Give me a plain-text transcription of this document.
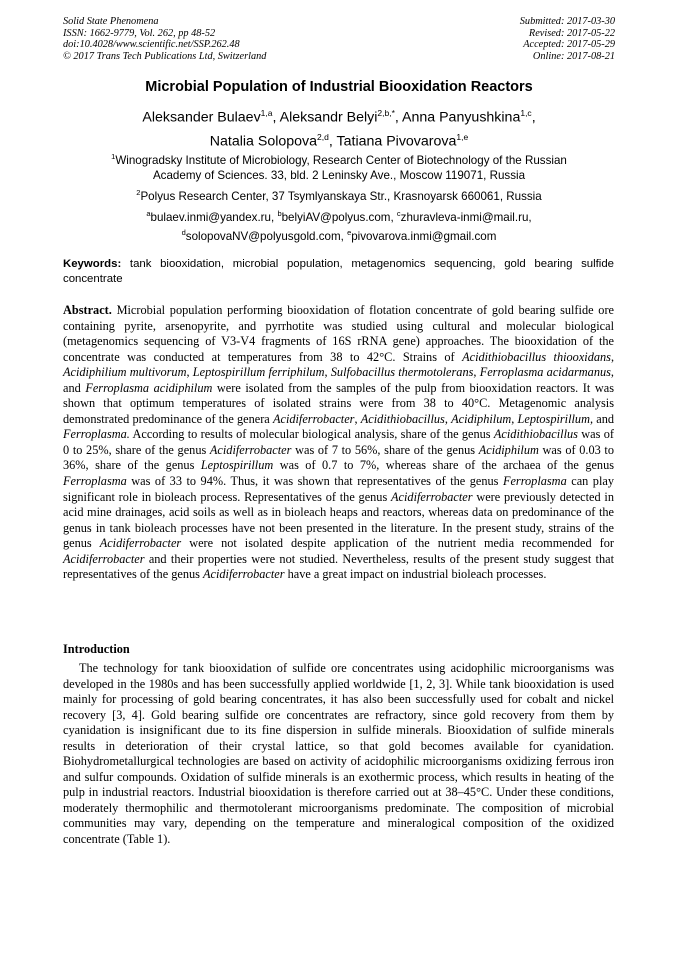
Solid State Phenomena
ISSN: 1662-9779, Vol. 262, pp 48-52
doi:10.4028/www.scientific.net/SSP.262.48
© 2017 Trans Tech Publications Ltd, Switzerland
Submitted: 2017-03-30
Revised: 2017-05-22
Accepted: 2017-05-29
Online: 2017-08-21
Microbial Population of Industrial Biooxidation Reactors
Aleksander Bulaev$^{1,a}$, Aleksandr Belyi$^{2,b,*}$, Anna Panyushkina$^{1,c}$,
Natalia Solopova$^{2,d}$, Tatiana Pivovarova$^{1,e}$
$^1$Winogradsky Institute of Microbiology, Research Center of Biotechnology of the Russian
Academy of Sciences. 33, bld. 2 Leninsky Ave., Moscow 119071, Russia
$^2$Polyus Research Center, 37 Tsymlyanskaya Str., Krasnoyarsk 660061, Russia
$^a$bulaev.inmi@yandex.ru, $^b$belyiAV@polyus.com, $^c$zhuravleva-inmi@mail.ru,
$^d$solopovaNV@polyusgold.com, $^e$pivovarova.inmi@gmail.com
Keywords: tank biooxidation, microbial population, metagenomics sequencing, gold bearing sulfide concentrate
Abstract. Microbial population performing biooxidation of flotation concentrate of gold bearing sulfide ore containing pyrite, arsenopyrite, and pyrrhotite was studied using cultural and molecular biological (metagenomics sequencing of V3-V4 fragments of 16S rRNA gene) approaches. The biooxidation of the concentrate was conducted at temperatures from 38 to 42°C. Strains of Acidithiobacillus thiooxidans, Acidiphilium multivorum, Leptospirillum ferriphilum, Sulfobacillus thermotolerans, Ferroplasma acidarmanus, and Ferroplasma acidiphilum were isolated from the samples of the pulp from biooxidation reactors. It was shown that optimum temperatures of isolated strains were from 38 to 40°C. Metagenomic analysis demonstrated predominance of the genera Acidiferrobacter, Acidithiobacillus, Acidiphilum, Leptospirillum, and Ferroplasma. According to results of molecular biological analysis, share of the genus Acidithiobacillus was of 0 to 25%, share of the genus Acidiferrobacter was of 7 to 56%, share of the genus Acidiphilum was of 0.03 to 36%, share of the genus Leptospirillum was of 0.7 to 7%, whereas share of the archaea of the genus Ferroplasma was of 33 to 94%. Thus, it was shown that representatives of the genus Ferroplasma can play significant role in bioleach process. Representatives of the genus Acidiferrobacter were previously detected in acid mine drainages, acid soils as well as in bioleach heaps and reactors, whereas data on predominance of the genus in tank bioleach processes have not been presented in the literature. In the present study, strains of the genus Acidiferrobacter were not isolated despite application of the nutrient media recommended for Acidiferrobacter and their properties were not studied. Nevertheless, results of the present study suggest that representatives of the genus Acidiferrobacter have a great impact on industrial bioleach processes.
Introduction
The technology for tank biooxidation of sulfide ore concentrates using acidophilic microorganisms was developed in the 1980s and has been successfully applied worldwide [1, 2, 3]. While tank biooxidation is used mainly for processing of gold bearing concentrates, it has also been successfully used for cobalt and nickel recovery [3, 4]. Gold bearing sulfide ore concentrates are refractory, since gold recovery from them by cyanidation is insignificant due to its fine dispersion in sulfide minerals. Biooxidation of sulfide minerals results in deterioration of their crystal lattice, so that gold becomes available for cyanidation. Biohydrometallurgical technologies are based on activity of acidophilic microorganisms oxidizing ferrous iron and sulfur compounds. Oxidation of sulfide minerals is an exothermic process, which results in heating of the pulp in industrial reactors. Industrial biooxidation is therefore carried out at 38–45°C. Under these conditions, moderately thermophilic and thermotolerant microorganisms predominate. The composition of microbial communities may vary, depending on the temperature and mineralogical composition of the oxidized concentrate (Table 1).
